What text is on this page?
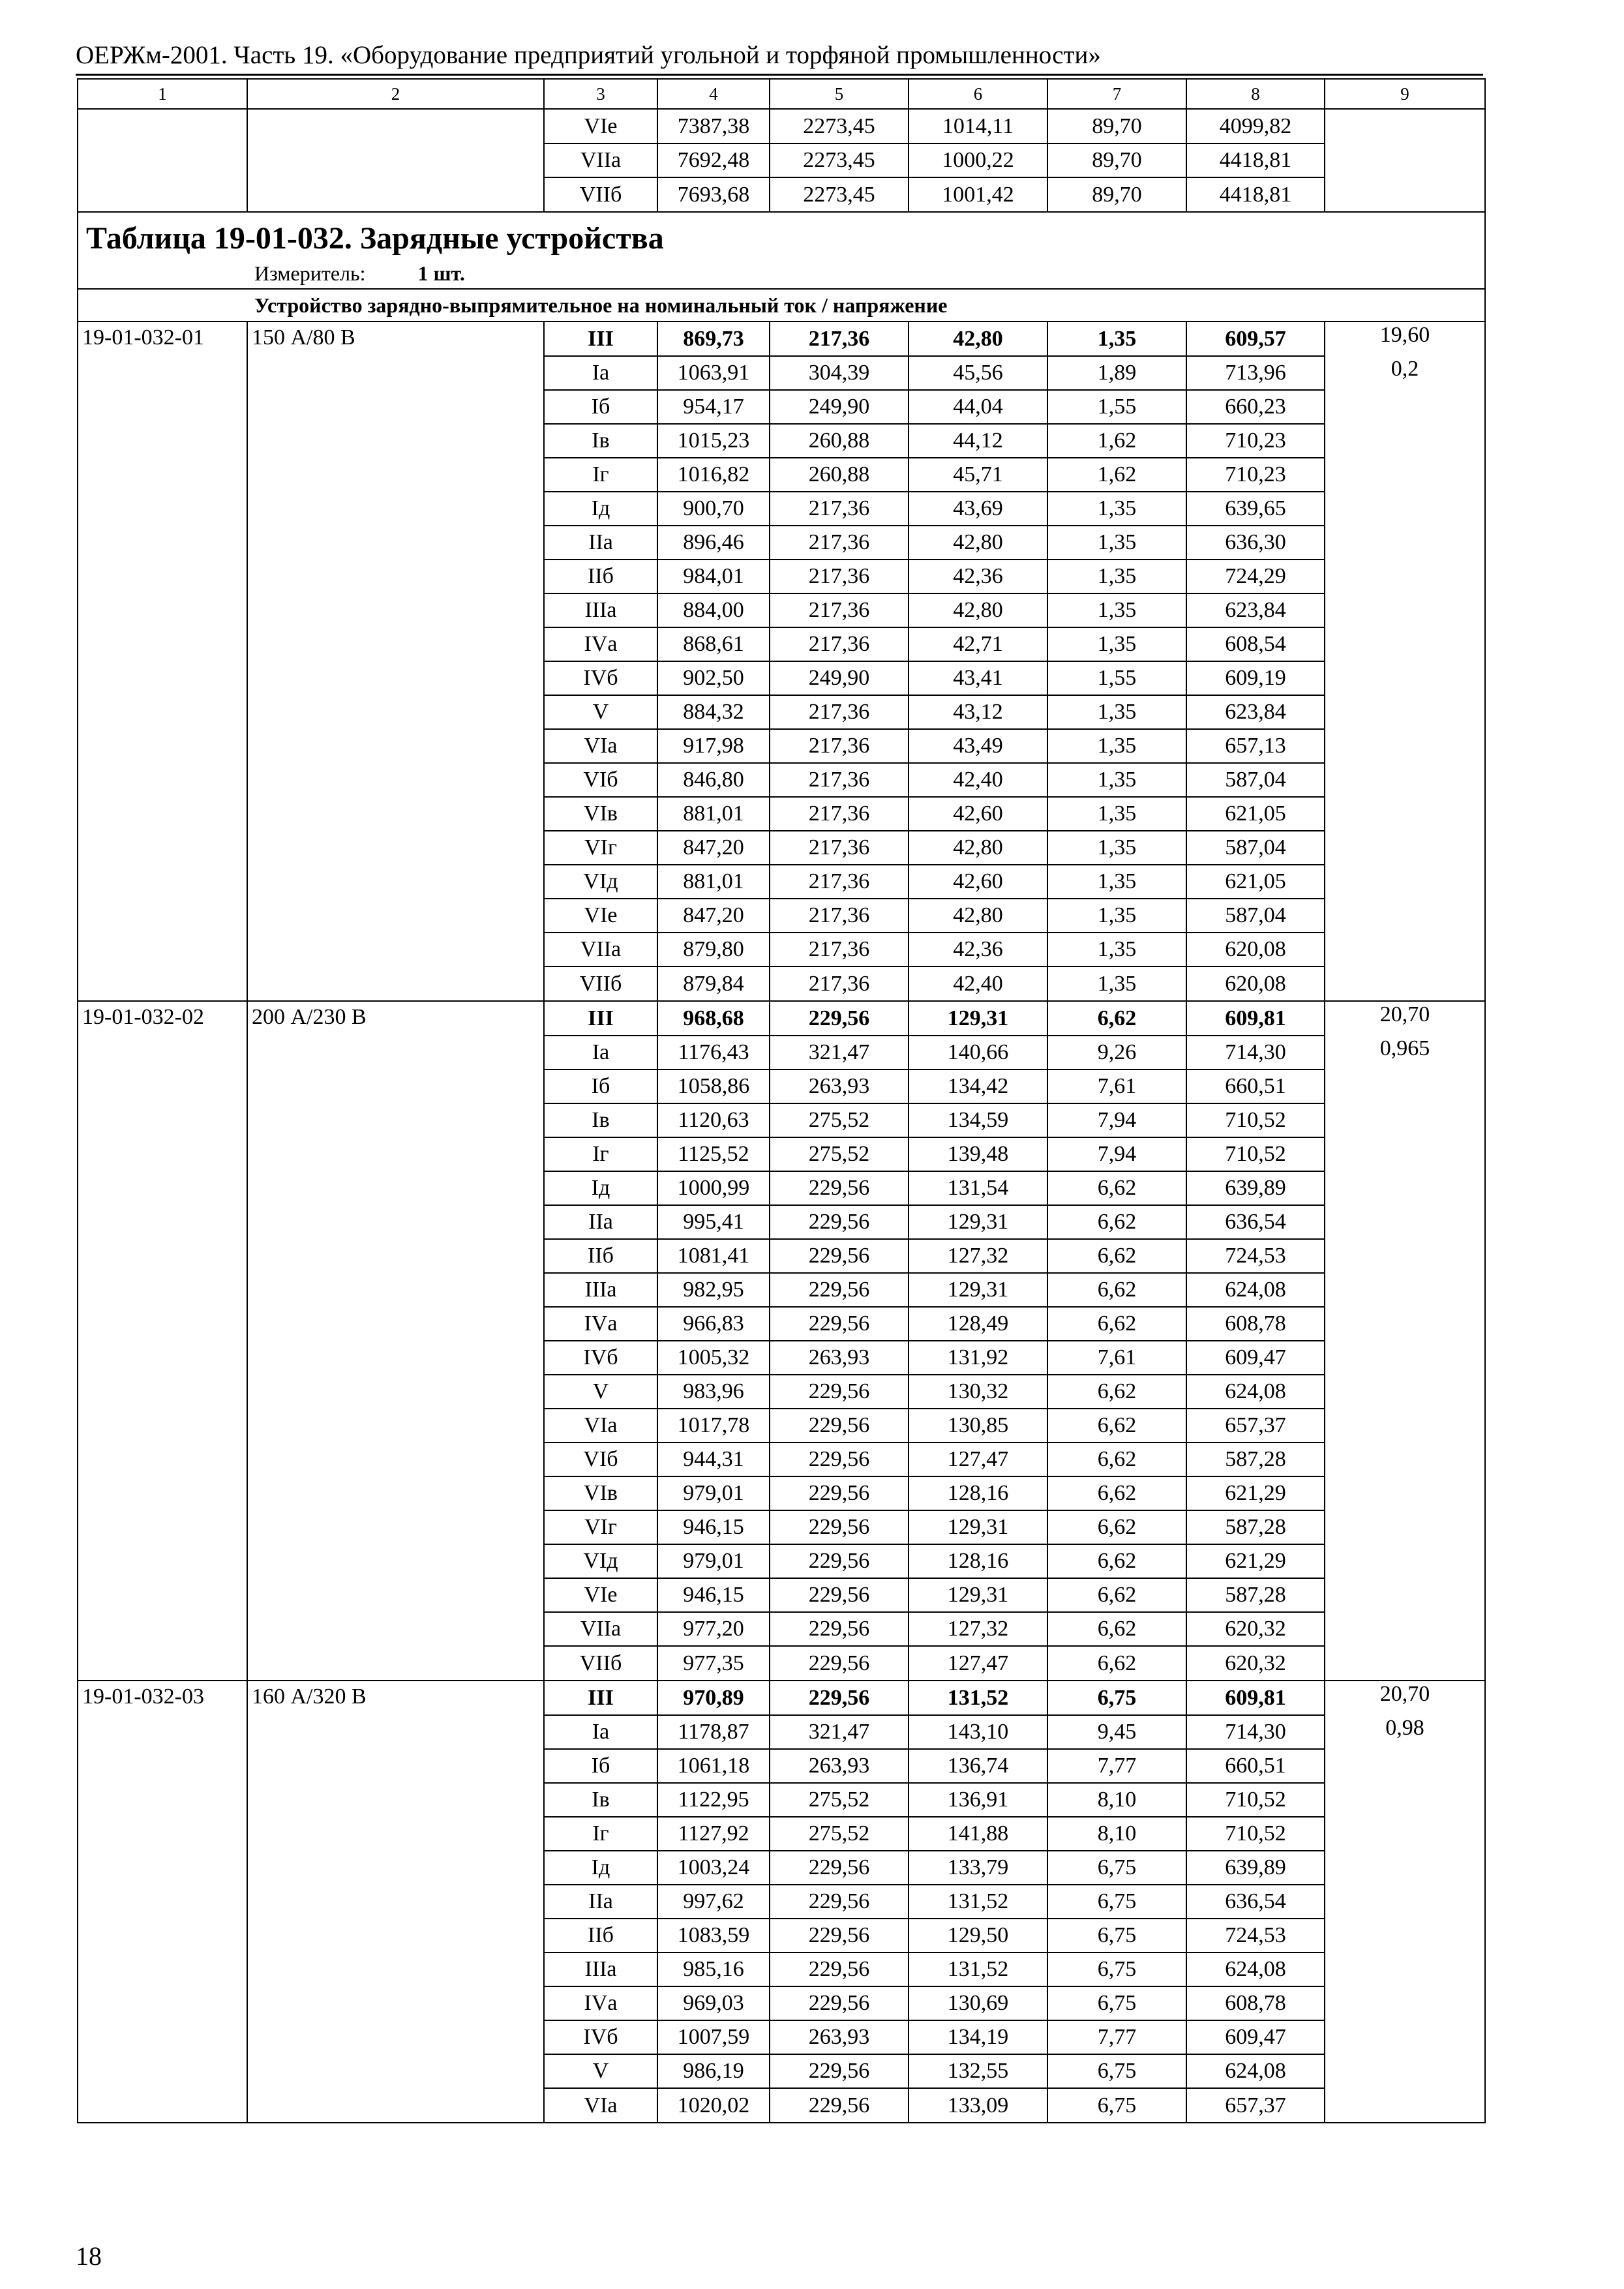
ОЕРЖм-2001. Часть 19. «Оборудование предприятий угольной и торфяной промышленности»
1	2	3	4	5	6	7	8	9
		VIе	7387,38	2273,45	1014,11	89,70	4099,82	
		VIIа	7692,48	2273,45	1000,22	89,70	4418,81	
		VIIб	7693,68	2273,45	1001,42	89,70	4418,81	
Таблица 19-01-032. Зарядные устройства								
Измеритель: 1 шт.								
Устройство зарядно-выпрямительное на номинальный ток / напряжение								
19-01-032-01	150 А/80 В	III	869,73	217,36	42,80	1,35	609,57	19,60
		Iа	1063,91	304,39	45,56	1,89	713,96	0,2
		Iб	954,17	249,90	44,04	1,55	660,23	
		Iв	1015,23	260,88	44,12	1,62	710,23	
		Iг	1016,82	260,88	45,71	1,62	710,23	
		Iд	900,70	217,36	43,69	1,35	639,65	
		IIа	896,46	217,36	42,80	1,35	636,30	
		IIб	984,01	217,36	42,36	1,35	724,29	
		IIIа	884,00	217,36	42,80	1,35	623,84	
		IVа	868,61	217,36	42,71	1,35	608,54	
		IVб	902,50	249,90	43,41	1,55	609,19	
		V	884,32	217,36	43,12	1,35	623,84	
		VIа	917,98	217,36	43,49	1,35	657,13	
		VIб	846,80	217,36	42,40	1,35	587,04	
		VIв	881,01	217,36	42,60	1,35	621,05	
		VIг	847,20	217,36	42,80	1,35	587,04	
		VIд	881,01	217,36	42,60	1,35	621,05	
		VIе	847,20	217,36	42,80	1,35	587,04	
		VIIа	879,80	217,36	42,36	1,35	620,08	
		VIIб	879,84	217,36	42,40	1,35	620,08	
19-01-032-02	200 А/230 В	III	968,68	229,56	129,31	6,62	609,81	20,70
		Iа	1176,43	321,47	140,66	9,26	714,30	0,965
		Iб	1058,86	263,93	134,42	7,61	660,51	
		Iв	1120,63	275,52	134,59	7,94	710,52	
		Iг	1125,52	275,52	139,48	7,94	710,52	
		Iд	1000,99	229,56	131,54	6,62	639,89	
		IIа	995,41	229,56	129,31	6,62	636,54	
		IIб	1081,41	229,56	127,32	6,62	724,53	
		IIIа	982,95	229,56	129,31	6,62	624,08	
		IVа	966,83	229,56	128,49	6,62	608,78	
		IVб	1005,32	263,93	131,92	7,61	609,47	
		V	983,96	229,56	130,32	6,62	624,08	
		VIа	1017,78	229,56	130,85	6,62	657,37	
		VIб	944,31	229,56	127,47	6,62	587,28	
		VIв	979,01	229,56	128,16	6,62	621,29	
		VIг	946,15	229,56	129,31	6,62	587,28	
		VIд	979,01	229,56	128,16	6,62	621,29	
		VIе	946,15	229,56	129,31	6,62	587,28	
		VIIа	977,20	229,56	127,32	6,62	620,32	
		VIIб	977,35	229,56	127,47	6,62	620,32	
19-01-032-03	160 А/320 В	III	970,89	229,56	131,52	6,75	609,81	20,70
		Iа	1178,87	321,47	143,10	9,45	714,30	0,98
		Iб	1061,18	263,93	136,74	7,77	660,51	
		Iв	1122,95	275,52	136,91	8,10	710,52	
		Iг	1127,92	275,52	141,88	8,10	710,52	
		Iд	1003,24	229,56	133,79	6,75	639,89	
		IIа	997,62	229,56	131,52	6,75	636,54	
		IIб	1083,59	229,56	129,50	6,75	724,53	
		IIIа	985,16	229,56	131,52	6,75	624,08	
		IVа	969,03	229,56	130,69	6,75	608,78	
		IVб	1007,59	263,93	134,19	7,77	609,47	
		V	986,19	229,56	132,55	6,75	624,08	
		VIа	1020,02	229,56	133,09	6,75	657,37	
18
